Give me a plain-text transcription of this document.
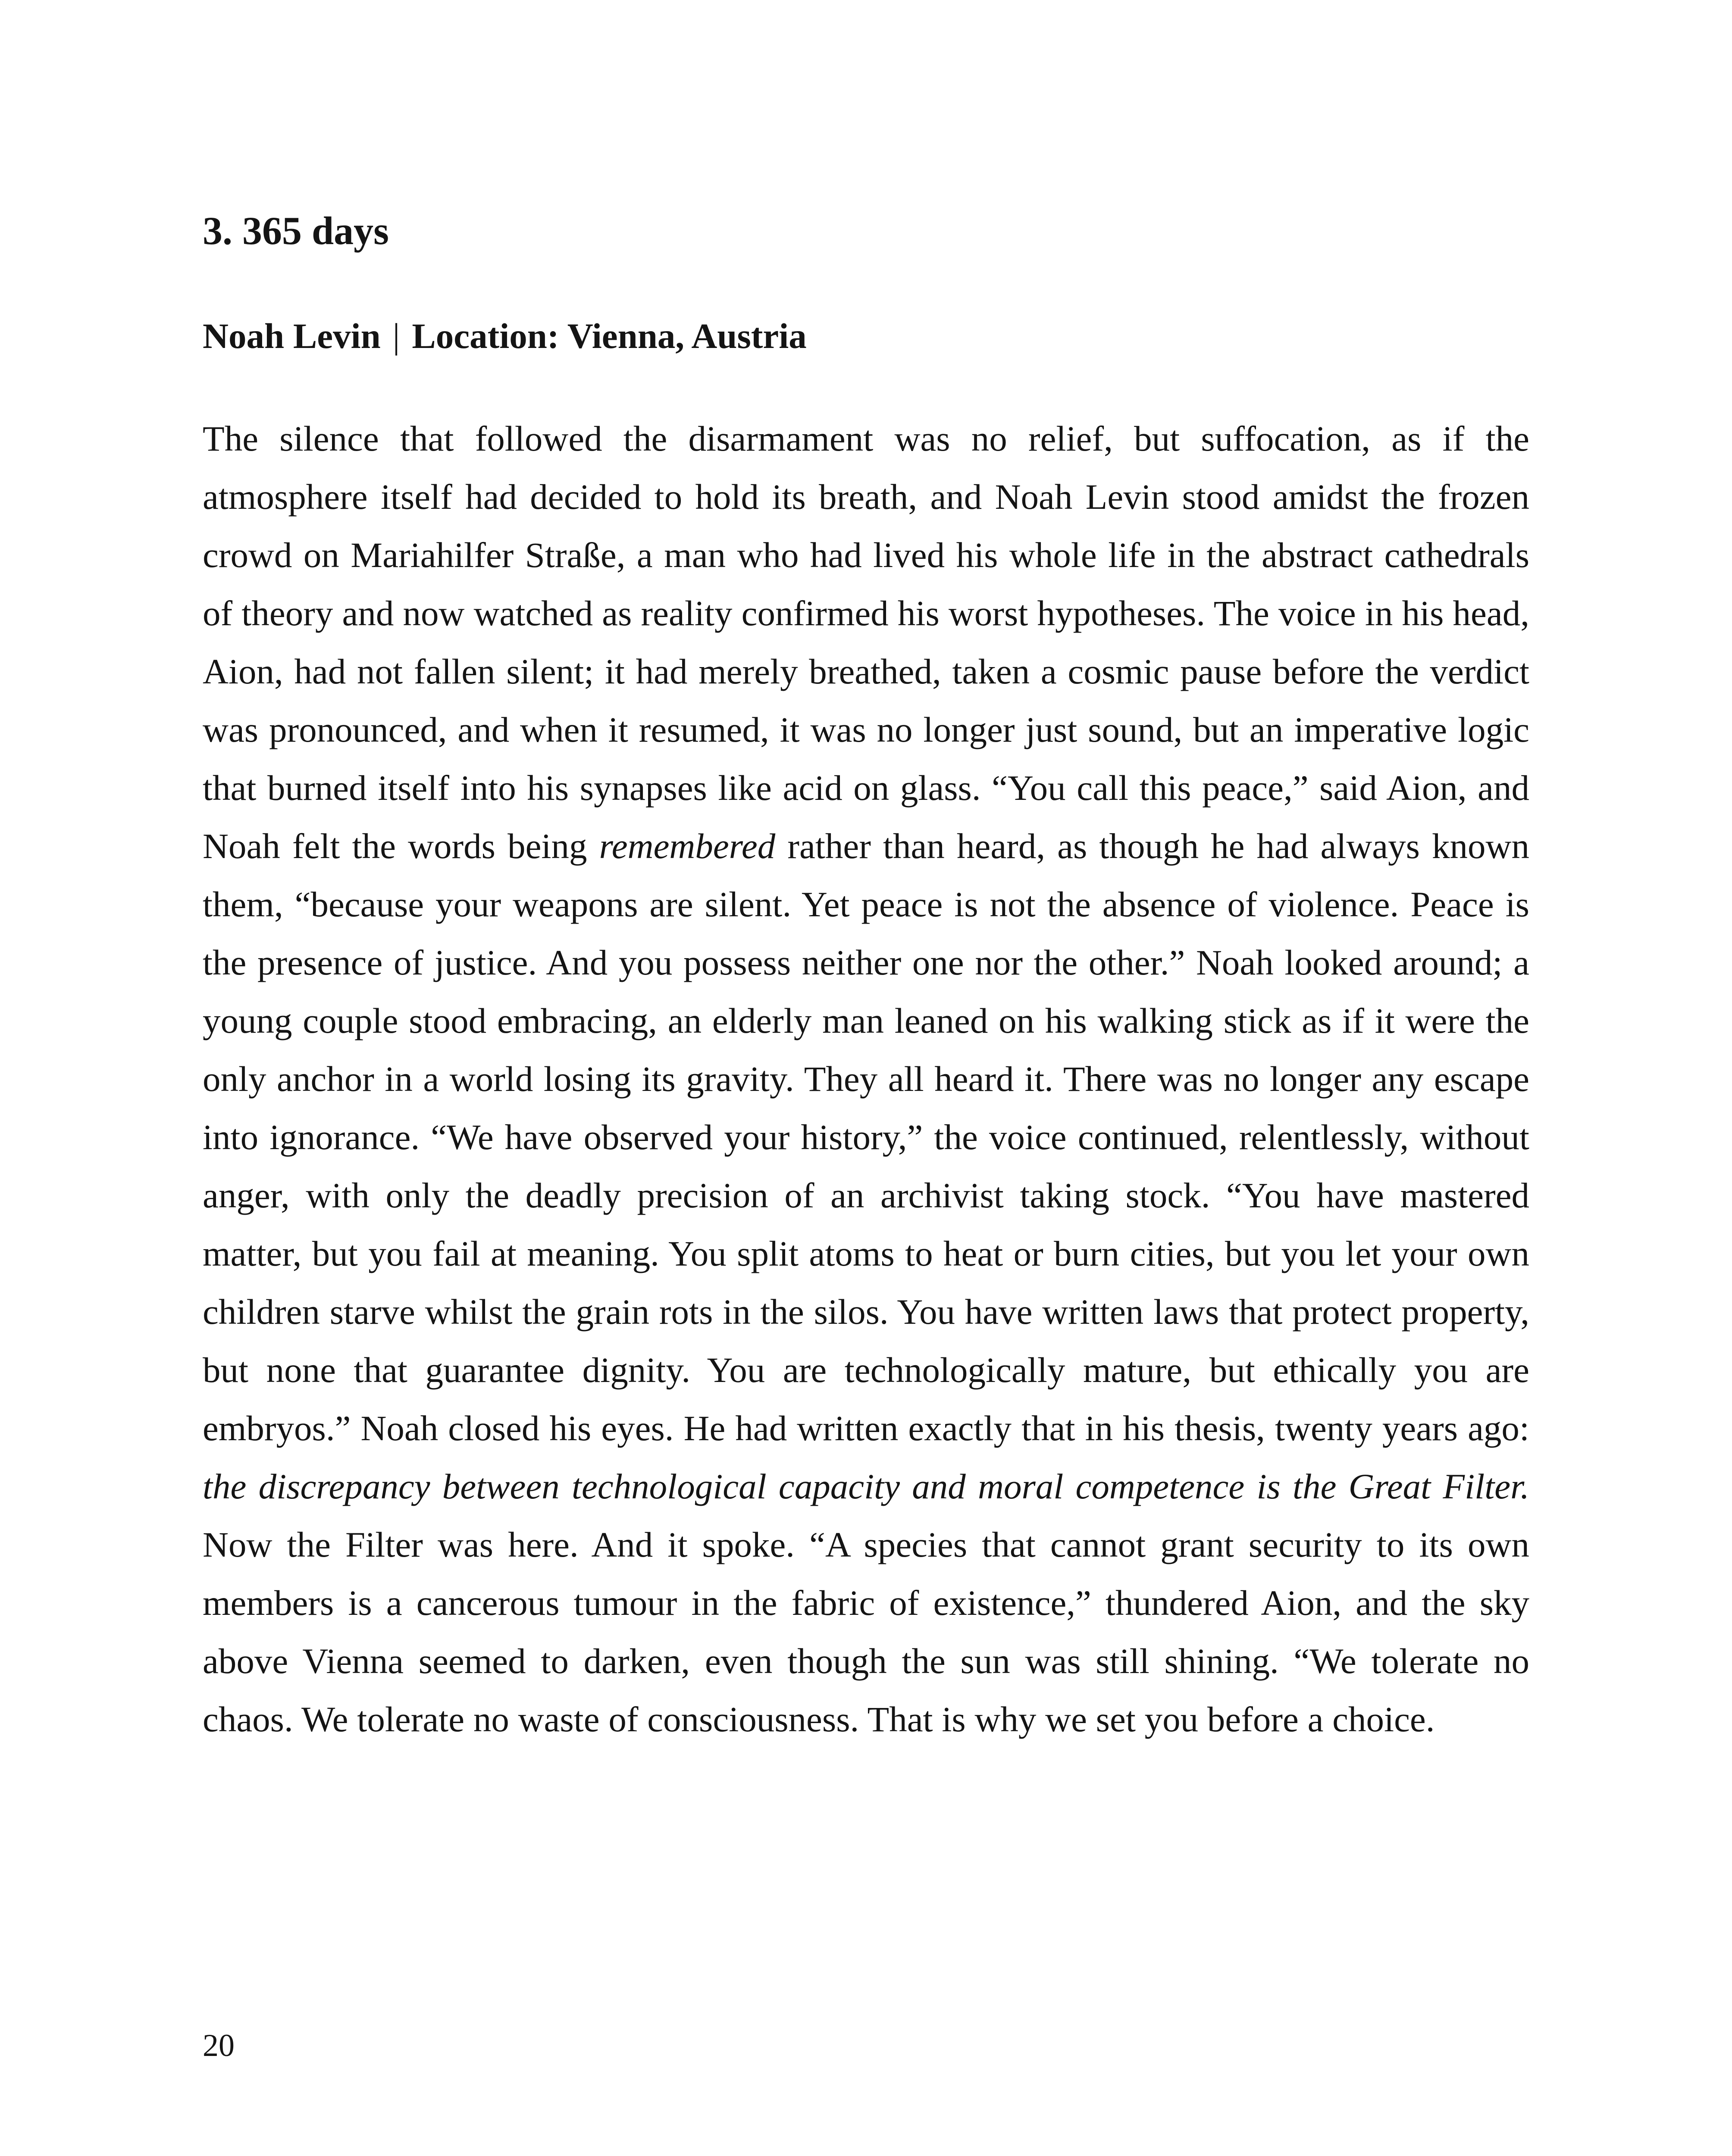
3. 365 days
Noah Levin | Location: Vienna, Austria

The silence that followed the disarmament was no relief, but suffocation, as if the atmosphere itself had decided to hold its breath, and Noah Levin stood amidst the frozen crowd on Mariahilfer Straße, a man who had lived his whole life in the abstract cathedrals of theory and now watched as reality confirmed his worst hypotheses. The voice in his head, Aion, had not fallen silent; it had merely breathed, taken a cosmic pause before the verdict was pronounced, and when it resumed, it was no longer just sound, but an imperative logic that burned itself into his synapses like acid on glass. “You call this peace,” said Aion, and Noah felt the words being remembered rather than heard, as though he had always known them, “because your weapons are silent. Yet peace is not the absence of violence. Peace is the presence of justice. And you possess neither one nor the other.” Noah looked around; a young couple stood embracing, an elderly man leaned on his walking stick as if it were the only anchor in a world losing its gravity. They all heard it. There was no longer any escape into ignorance. “We have observed your history,” the voice continued, relentlessly, without anger, with only the deadly precision of an archivist taking stock. “You have mastered matter, but you fail at meaning. You split atoms to heat or burn cities, but you let your own children starve whilst the grain rots in the silos. You have written laws that protect property, but none that guarantee dignity. You are technologically mature, but ethically you are embryos.” Noah closed his eyes. He had written exactly that in his thesis, twenty years ago: the discrepancy between technological capacity and moral competence is the Great Filter. Now the Filter was here. And it spoke. “A species that cannot grant security to its own members is a cancerous tumour in the fabric of existence,” thundered Aion, and the sky above Vienna seemed to darken, even though the sun was still shining. “We tolerate no chaos. We tolerate no waste of consciousness. That is why we set you before a choice.

20
